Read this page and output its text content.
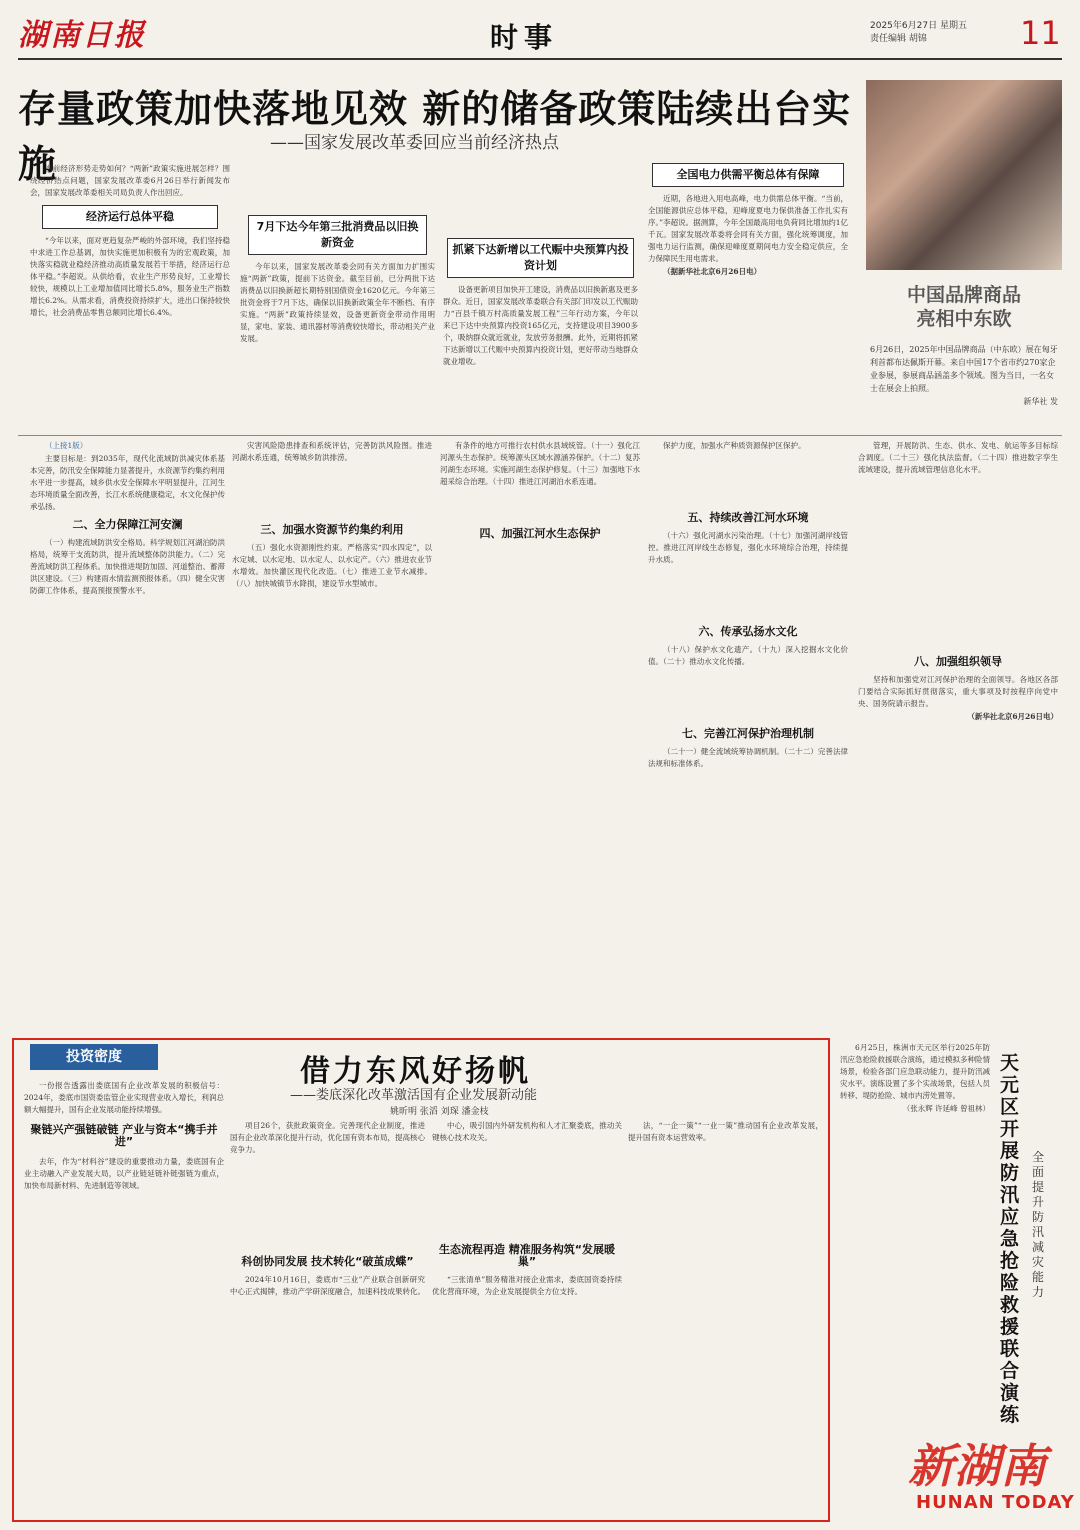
湖南日报	时事	2025年6月27日 星期五
责任编辑 胡锦	11
存量政策加快落地见效 新的储备政策陆续出台实施	——国家发展改革委回应当前经济热点

当前经济形势走势如何？“两新”政策实施进展怎样？围绕经济热点问题，国家发展改革委6月26日举行新闻发布会，国家发展改革委相关司局负责人作出回应。

经济运行总体平稳

“今年以来，面对更趋复杂严峻的外部环境，我们坚持稳中求进工作总基调，加快实施更加积极有为的宏观政策，加快落实稳就业稳经济推动高质量发展若干举措，经济运行总体平稳。”李超说。从供给看，农业生产形势良好，工业增长较快，规模以上工业增加值同比增长5.8%，服务业生产指数增长6.2%。从需求看，消费投资持续扩大，进出口保持较快增长，社会消费品零售总额同比增长6.4%。

7月下达今年第三批消费品以旧换新资金

今年以来，国家发展改革委会同有关方面加力扩围实施“两新”政策，提前下达资金。截至目前，已分两批下达消费品以旧换新超长期特别国债资金1620亿元。今年第三批资金将于7月下达，确保以旧换新政策全年不断档、有序实施。“两新”政策持续显效，设备更新资金带动作用明显，家电、家装、通讯器材等消费较快增长，带动相关产业发展。

抓紧下达新增以工代赈中央预算内投资计划

设备更新项目加快开工建设，消费品以旧换新惠及更多群众。近日，国家发展改革委联合有关部门印发以工代赈助力“百县千镇万村高质量发展工程”三年行动方案，今年以来已下达中央预算内投资165亿元，支持建设项目3900多个，吸纳群众就近就业，发放劳务报酬。此外，近期将抓紧下达新增以工代赈中央预算内投资计划，更好带动当地群众就业增收。

全国电力供需平衡总体有保障

近期，各地进入用电高峰，电力供需总体平衡。“当前，全国能源供应总体平稳，迎峰度夏电力保供准备工作扎实有序。”李超说。据测算，今年全国最高用电负荷同比增加约1亿千瓦。国家发展改革委将会同有关方面，强化统筹调度，加强电力运行监测，确保迎峰度夏期间电力安全稳定供应，全力保障民生用电需求。

（据新华社北京6月26日电）

中国品牌商品
亮相中东欧
6月26日，2025年中国品牌商品（中东欧）展在匈牙利首都布达佩斯开幕。来自中国17个省市约270家企业参展，参展商品涵盖多个领域。图为当日，一名女士在展会上拍照。
新华社 发

（上接1版）

主要目标是：到2035年，现代化流域防洪减灾体系基本完善，防汛安全保障能力显著提升，水资源节约集约利用水平进一步提高，城乡供水安全保障水平明显提升，江河生态环境质量全面改善，长江水系统健康稳定，水文化保护传承弘扬。

二、全力保障江河安澜

（一）构建流域防洪安全格局。科学规划江河湖泊防洪格局，统筹干支流防洪，提升流域整体防洪能力。（二）完善流域防洪工程体系。加快推进堤防加固、河道整治、蓄滞洪区建设。（三）构建雨水情监测预报体系。（四）健全灾害防御工作体系，提高预报预警水平。

灾害风险隐患排查和系统评估，完善防洪风险图。推进河湖水系连通，统筹城乡防洪排涝。

三、加强水资源节约集约利用

（五）强化水资源刚性约束。严格落实“四水四定”，以水定城、以水定地、以水定人、以水定产。（六）推进农业节水增效。加快灌区现代化改造。（七）推进工业节水减排。（八）加快城镇节水降损，建设节水型城市。

有条件的地方可推行农村供水县域统管。（十一）强化江河源头生态保护。统筹源头区域水源涵养保护。（十二）复苏河湖生态环境。实施河湖生态保护修复。（十三）加强地下水超采综合治理。（十四）推进江河湖泊水系连通。

四、加强江河水生态保护

保护力度，加强水产种质资源保护区保护。

五、持续改善江河水环境

（十六）强化河湖水污染治理。（十七）加强河湖岸线管控。推进江河岸线生态修复，强化水环境综合治理，持续提升水质。

六、传承弘扬水文化

（十八）保护水文化遗产。（十九）深入挖掘水文化价值。（二十）推动水文化传播。

七、完善江河保护治理机制

（二十一）健全流域统筹协调机制。（二十二）完善法律法规和标准体系。

管理，开展防洪、生态、供水、发电、航运等多目标综合调度。（二十三）强化执法监督。（二十四）推进数字孪生流域建设，提升流域管理信息化水平。

八、加强组织领导

坚持和加强党对江河保护治理的全面领导。各地区各部门要结合实际抓好贯彻落实，重大事项及时按程序向党中央、国务院请示报告。

（新华社北京6月26日电）

投资密度	借力东风好扬帆
——娄底深化改革激活国有企业发展新动能
姚昕明 张滔 刘琛 潘金枝

一份报告透露出娄底国有企业改革发展的积极信号：2024年，娄底市国资委监管企业实现营业收入增长，利润总额大幅提升，国有企业发展动能持续增强。

聚链兴产强链破链 产业与资本“携手并进”

去年，作为“材料谷”建设的重要推动力量，娄底国有企业主动融入产业发展大局，以产业链延链补链强链为重点，加快布局新材料、先进制造等领域。

项目26个，获批政策资金。完善现代企业制度，推进国有企业改革深化提升行动，优化国有资本布局，提高核心竞争力。

科创协同发展 技术转化“破茧成蝶”

2024年10月16日，娄底市“三业”产业联合创新研究中心正式揭牌，推动产学研深度融合，加速科技成果转化。

中心，吸引国内外研发机构和人才汇聚娄底，推动关键核心技术攻关。

生态流程再造 精准服务构筑“发展暖巢”

“三张清单”服务精准对接企业需求，娄底国资委持续优化营商环境，为企业发展提供全方位支持。

法，“一企一策”“一业一策”推动国有企业改革发展，提升国有资本运营效率。

6月25日，株洲市天元区举行2025年防汛应急抢险救援联合演练，通过模拟多种险情场景，检验各部门应急联动能力，提升防汛减灾水平。演练设置了多个实战场景，包括人员转移、堤防抢险、城市内涝处置等。

（张永辉 许延峰 曾祖林）

天元区开展防汛应急抢险救援联合演练
全面提升防汛减灾能力
新湖南
HUNAN TODAY
